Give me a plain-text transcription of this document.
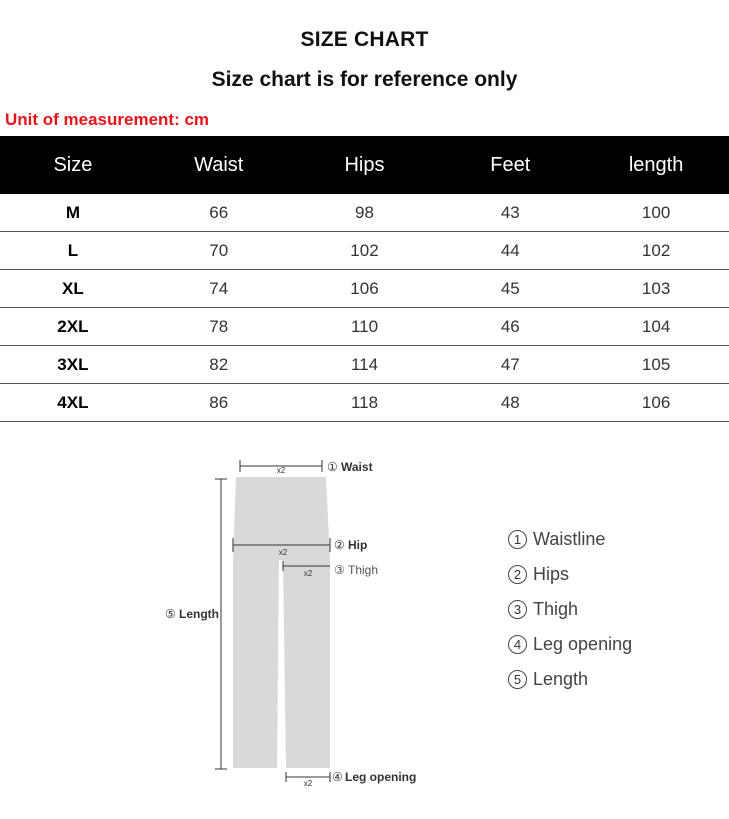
SIZE CHART
Size chart is for reference only
Unit of measurement: cm
Size	Waist	Hips	Feet	length
M	66	98	43	100
L	70	102	44	102
XL	74	106	45	103
2XL	78	110	46	104
3XL	82	114	47	105
4XL	86	118	48	106
x2	① Waist
x2
② Hip
x2 ③ Thigh
⑤ Length
x2 ④ Leg opening
1 Waistline
2 Hips
3 Thigh
4 Leg opening
5 Length
